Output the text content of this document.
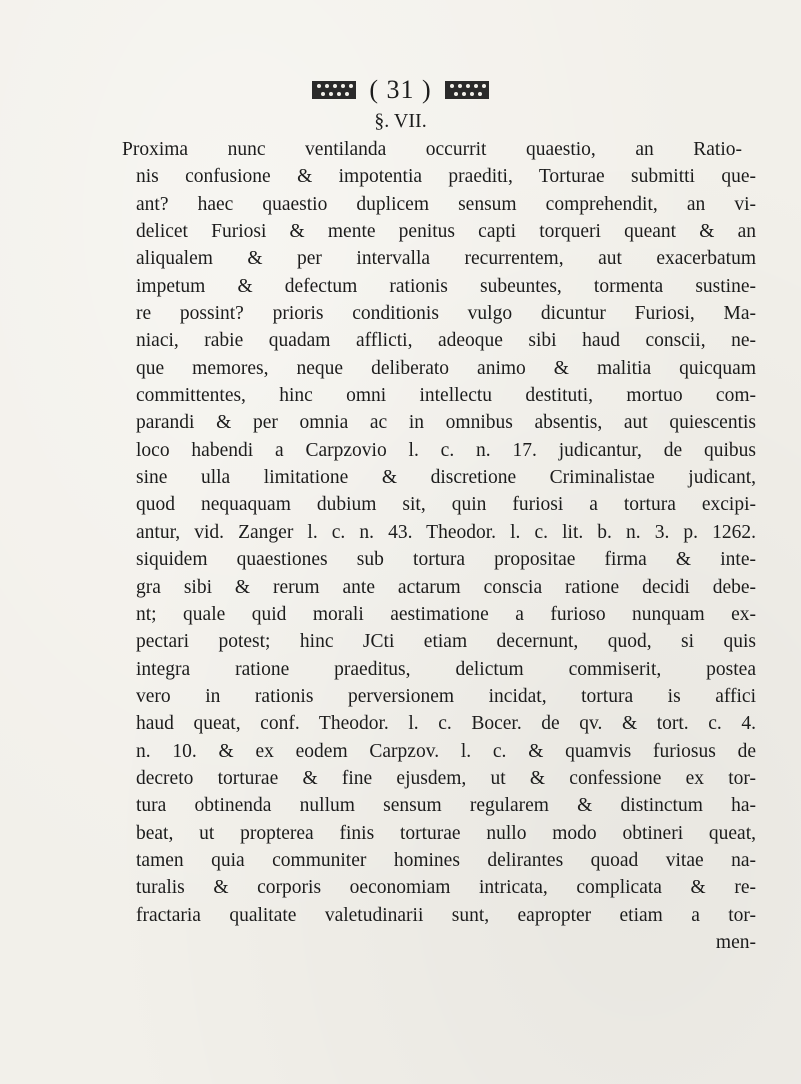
( 31 )
§. VII.
Proxima nunc ventilanda occurrit quaestio, an Ratio-
nis confusione & impotentia praediti, Torturae submitti que-
ant? haec quaestio duplicem sensum comprehendit, an vi-
delicet Furiosi & mente penitus capti torqueri queant & an
aliqualem & per intervalla recurrentem, aut exacerbatum
impetum & defectum rationis subeuntes, tormenta sustine-
re possint? prioris conditionis vulgo dicuntur Furiosi, Ma-
niaci, rabie quadam afflicti, adeoque sibi haud conscii, ne-
que memores, neque deliberato animo & malitia quicquam
committentes, hinc omni intellectu destituti, mortuo com-
parandi & per omnia ac in omnibus absentis, aut quiescentis
loco habendi a Carpzovio l. c. n. 17. judicantur, de quibus
sine ulla limitatione & discretione Criminalistae judicant,
quod nequaquam dubium sit, quin furiosi a tortura excipi-
antur, vid. Zanger l. c. n. 43. Theodor. l. c. lit. b. n. 3. p. 1262.
siquidem quaestiones sub tortura propositae firma & inte-
gra sibi & rerum ante actarum conscia ratione decidi debe-
nt; quale quid morali aestimatione a furioso nunquam ex-
pectari potest; hinc JCti etiam decernunt, quod, si quis
integra ratione praeditus, delictum commiserit, postea
vero in rationis perversionem incidat, tortura is affici
haud queat, conf. Theodor. l. c. Bocer. de qv. & tort. c. 4.
n. 10. & ex eodem Carpzov. l. c. & quamvis furiosus de
decreto torturae & fine ejusdem, ut & confessione ex tor-
tura obtinenda nullum sensum regularem & distinctum ha-
beat, ut propterea finis torturae nullo modo obtineri queat,
tamen quia communiter homines delirantes quoad vitae na-
turalis & corporis oeconomiam intricata, complicata & re-
fractaria qualitate valetudinarii sunt, eapropter etiam a tor-
men-
